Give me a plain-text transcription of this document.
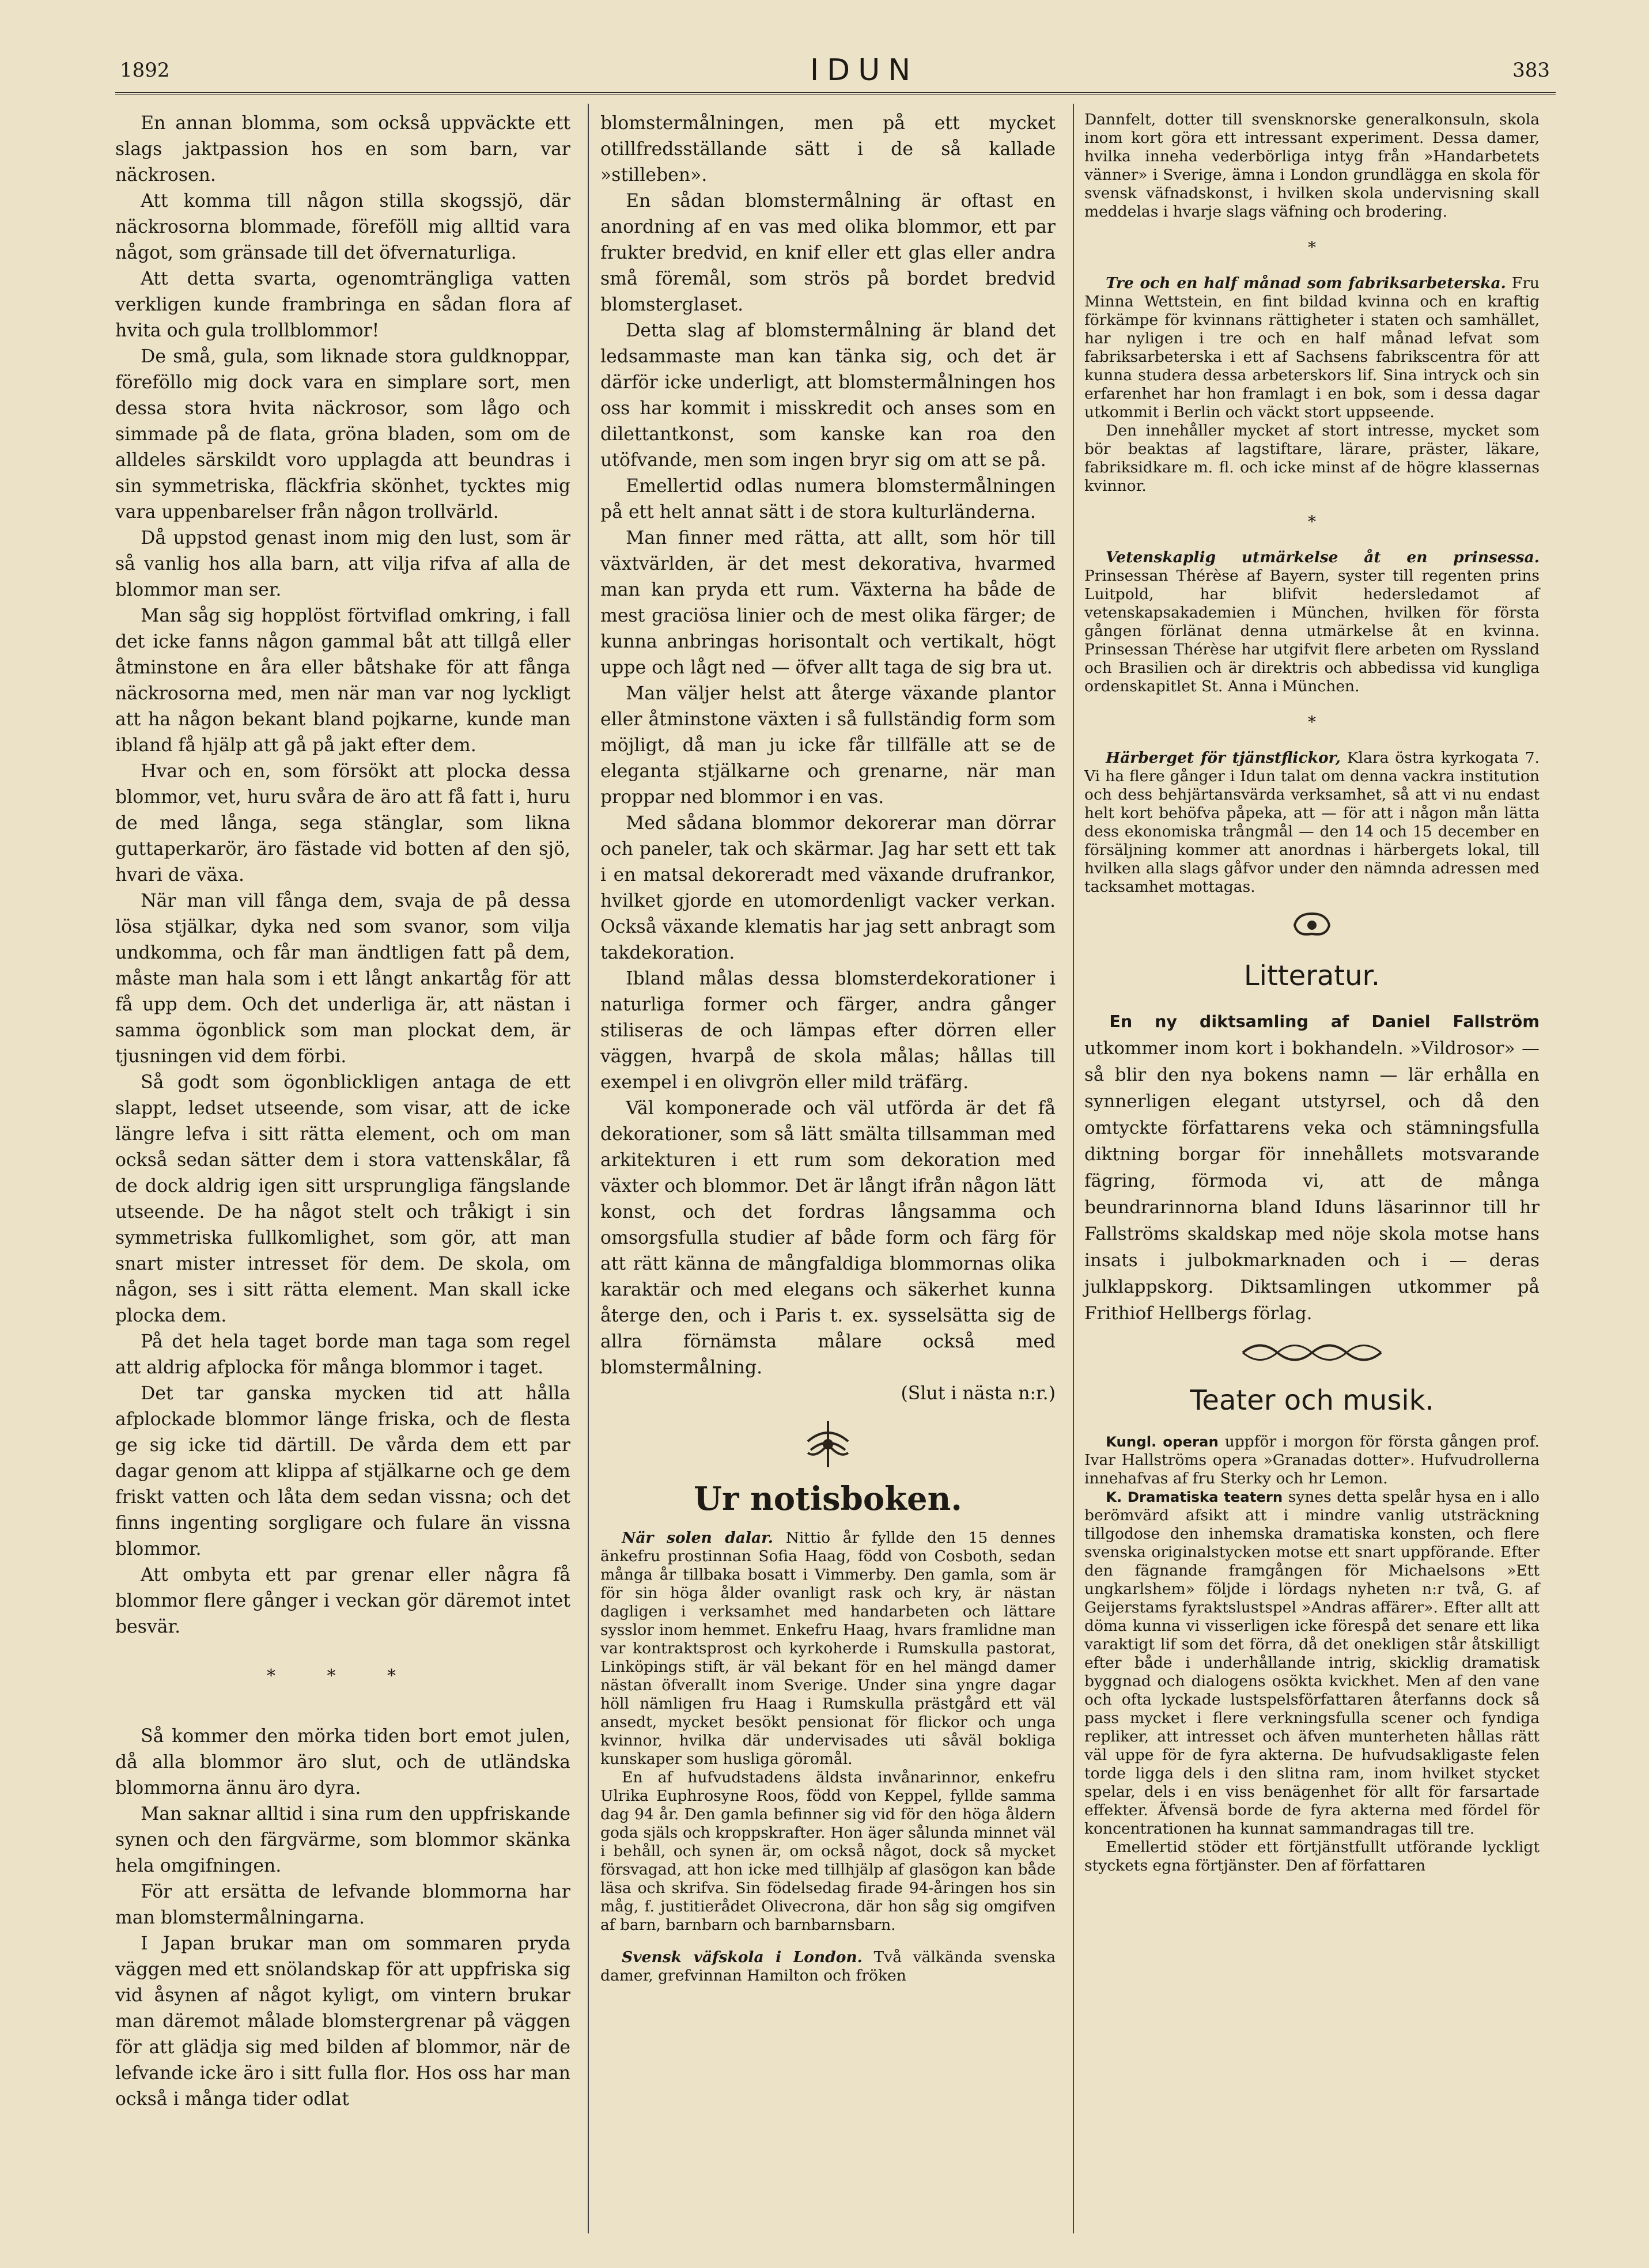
1892	IDUN	383

En annan blomma, som också uppväckte ett slags jaktpassion hos en som barn, var näckrosen.

Att komma till någon stilla skogssjö, där näckrosorna blommade, föreföll mig alltid vara något, som gränsade till det öfvernaturliga.

Att detta svarta, ogenomträngliga vatten verkligen kunde frambringa en sådan flora af hvita och gula trollblommor!

De små, gula, som liknade stora guldknoppar, föreföllo mig dock vara en simplare sort, men dessa stora hvita näckrosor, som lågo och simmade på de flata, gröna bladen, som om de alldeles särskildt voro upplagda att beundras i sin symmetriska, fläckfria skönhet, tycktes mig vara uppenbarelser från någon trollvärld.

Då uppstod genast inom mig den lust, som är så vanlig hos alla barn, att vilja rifva af alla de blommor man ser.

Man såg sig hopplöst förtviflad omkring, i fall det icke fanns någon gammal båt att tillgå eller åtminstone en åra eller båtshake för att fånga näckrosorna med, men när man var nog lyckligt att ha någon bekant bland pojkarne, kunde man ibland få hjälp att gå på jakt efter dem.

Hvar och en, som försökt att plocka dessa blommor, vet, huru svåra de äro att få fatt i, huru de med långa, sega stänglar, som likna guttaperkarör, äro fästade vid botten af den sjö, hvari de växa.

När man vill fånga dem, svaja de på dessa lösa stjälkar, dyka ned som svanor, som vilja undkomma, och får man ändtligen fatt på dem, måste man hala som i ett långt ankartåg för att få upp dem. Och det underliga är, att nästan i samma ögonblick som man plockat dem, är tjusningen vid dem förbi.

Så godt som ögonblickligen antaga de ett slappt, ledset utseende, som visar, att de icke längre lefva i sitt rätta element, och om man också sedan sätter dem i stora vattenskålar, få de dock aldrig igen sitt ursprungliga fängslande utseende. De ha något stelt och tråkigt i sin symmetriska fullkomlighet, som gör, att man snart mister intresset för dem. De skola, om någon, ses i sitt rätta element. Man skall icke plocka dem.

På det hela taget borde man taga som regel att aldrig afplocka för många blommor i taget.

Det tar ganska mycken tid att hålla afplockade blommor länge friska, och de flesta ge sig icke tid därtill. De vårda dem ett par dagar genom att klippa af stjälkarne och ge dem friskt vatten och låta dem sedan vissna; och det finns ingenting sorgligare och fulare än vissna blommor.

Att ombyta ett par grenar eller några få blommor flere gånger i veckan gör däremot intet besvär.

* * *

Så kommer den mörka tiden bort emot julen, då alla blommor äro slut, och de utländska blommorna ännu äro dyra.

Man saknar alltid i sina rum den uppfriskande synen och den färgvärme, som blommor skänka hela omgifningen.

För att ersätta de lefvande blommorna har man blomstermålningarna.

I Japan brukar man om sommaren pryda väggen med ett snölandskap för att uppfriska sig vid åsynen af något kyligt, om vintern brukar man däremot målade blomstergrenar på väggen för att glädja sig med bilden af blommor, när de lefvande icke äro i sitt fulla flor. Hos oss har man också i många tider odlat

blomstermålningen, men på ett mycket otillfredsställande sätt i de så kallade »stilleben».

En sådan blomstermålning är oftast en anordning af en vas med olika blommor, ett par frukter bredvid, en knif eller ett glas eller andra små föremål, som strös på bordet bredvid blomsterglaset.

Detta slag af blomstermålning är bland det ledsammaste man kan tänka sig, och det är därför icke underligt, att blomstermålningen hos oss har kommit i misskredit och anses som en dilettantkonst, som kanske kan roa den utöfvande, men som ingen bryr sig om att se på.

Emellertid odlas numera blomstermålningen på ett helt annat sätt i de stora kulturländerna.

Man finner med rätta, att allt, som hör till växtvärlden, är det mest dekorativa, hvarmed man kan pryda ett rum. Växterna ha både de mest graciösa linier och de mest olika färger; de kunna anbringas horisontalt och vertikalt, högt uppe och lågt ned — öfver allt taga de sig bra ut.

Man väljer helst att återge växande plantor eller åtminstone växten i så fullständig form som möjligt, då man ju icke får tillfälle att se de eleganta stjälkarne och grenarne, när man proppar ned blommor i en vas.

Med sådana blommor dekorerar man dörrar och paneler, tak och skärmar. Jag har sett ett tak i en matsal dekoreradt med växande drufrankor, hvilket gjorde en utomordenligt vacker verkan. Också växande klematis har jag sett anbragt som takdekoration.

Ibland målas dessa blomsterdekorationer i naturliga former och färger, andra gånger stiliseras de och lämpas efter dörren eller väggen, hvarpå de skola målas; hållas till exempel i en olivgrön eller mild träfärg.

Väl komponerade och väl utförda är det få dekorationer, som så lätt smälta tillsamman med arkitekturen i ett rum som dekoration med växter och blommor. Det är långt ifrån någon lätt konst, och det fordras långsamma och omsorgsfulla studier af både form och färg för att rätt känna de mångfaldiga blommornas olika karaktär och med elegans och säkerhet kunna återge den, och i Paris t. ex. sysselsätta sig de allra förnämsta målare också med blomstermålning.

(Slut i nästa n:r.)

Ur notisboken.

När solen dalar. Nittio år fyllde den 15 dennes änkefru prostinnan Sofia Haag, född von Cosboth, sedan många år tillbaka bosatt i Vimmerby. Den gamla, som är för sin höga ålder ovanligt rask och kry, är nästan dagligen i verksamhet med handarbeten och lättare sysslor inom hemmet. Enkefru Haag, hvars framlidne man var kontraktsprost och kyrkoherde i Rumskulla pastorat, Linköpings stift, är väl bekant för en hel mängd damer nästan öfverallt inom Sverige. Under sina yngre dagar höll nämligen fru Haag i Rumskulla prästgård ett väl ansedt, mycket besökt pensionat för flickor och unga kvinnor, hvilka där undervisades uti såväl bokliga kunskaper som husliga göromål.

En af hufvudstadens äldsta invånarinnor, enkefru Ulrika Euphrosyne Roos, född von Keppel, fyllde samma dag 94 år. Den gamla befinner sig vid för den höga åldern goda själs och kroppskrafter. Hon äger sålunda minnet väl i behåll, och synen är, om också något, dock så mycket försvagad, att hon icke med tillhjälp af glasögon kan både läsa och skrifva. Sin födelsedag firade 94-åringen hos sin måg, f. justitierådet Olivecrona, där hon såg sig omgifven af barn, barnbarn och barnbarnsbarn.

Svensk väfskola i London. Två välkända svenska damer, grefvinnan Hamilton och fröken

Dannfelt, dotter till svensknorske generalkonsuln, skola inom kort göra ett intressant experiment. Dessa damer, hvilka inneha vederbörliga intyg från »Handarbetets vänner» i Sverige, ämna i London grundlägga en skola för svensk väfnadskonst, i hvilken skola undervisning skall meddelas i hvarje slags väfning och brodering.

*

Tre och en half månad som fabriksarbeterska. Fru Minna Wettstein, en fint bildad kvinna och en kraftig förkämpe för kvinnans rättigheter i staten och samhället, har nyligen i tre och en half månad lefvat som fabriksarbeterska i ett af Sachsens fabrikscentra för att kunna studera dessa arbeterskors lif. Sina intryck och sin erfarenhet har hon framlagt i en bok, som i dessa dagar utkommit i Berlin och väckt stort uppseende.

Den innehåller mycket af stort intresse, mycket som bör beaktas af lagstiftare, lärare, präster, läkare, fabriksidkare m. fl. och icke minst af de högre klassernas kvinnor.

*

Vetenskaplig utmärkelse åt en prinsessa. Prinsessan Thérèse af Bayern, syster till regenten prins Luitpold, har blifvit hedersledamot af vetenskapsakademien i München, hvilken för första gången förlänat denna utmärkelse åt en kvinna. Prinsessan Thérèse har utgifvit flere arbeten om Ryssland och Brasilien och är direktris och abbedissa vid kungliga ordenskapitlet St. Anna i München.

*

Härberget för tjänstflickor, Klara östra kyrkogata 7. Vi ha flere gånger i Idun talat om denna vackra institution och dess behjärtansvärda verksamhet, så att vi nu endast helt kort behöfva påpeka, att — för att i någon mån lätta dess ekonomiska trångmål — den 14 och 15 december en försäljning kommer att anordnas i härbergets lokal, till hvilken alla slags gåfvor under den nämnda adressen med tacksamhet mottagas.

Litteratur.

En ny diktsamling af Daniel Fallström utkommer inom kort i bokhandeln. »Vildrosor» — så blir den nya bokens namn — lär erhålla en synnerligen elegant utstyrsel, och då den omtyckte författarens veka och stämningsfulla diktning borgar för innehållets motsvarande fägring, förmoda vi, att de många beundrarinnorna bland Iduns läsarinnor till hr Fallströms skaldskap med nöje skola motse hans insats i julbokmarknaden och i — deras julklappskorg. Diktsamlingen utkommer på Frithiof Hellbergs förlag.

Teater och musik.

Kungl. operan uppför i morgon för första gången prof. Ivar Hallströms opera »Granadas dotter». Hufvudrollerna innehafvas af fru Sterky och hr Lemon.

K. Dramatiska teatern synes detta spelår hysa en i allo berömvärd afsikt att i mindre vanlig utsträckning tillgodose den inhemska dramatiska konsten, och flere svenska originalstycken motse ett snart uppförande. Efter den fägnande framgången för Michaelsons »Ett ungkarlshem» följde i lördags nyheten n:r två, G. af Geijerstams fyraktslustspel »Andras affärer». Efter allt att döma kunna vi visserligen icke förespå det senare ett lika varaktigt lif som det förra, då det onekligen står åtskilligt efter både i underhållande intrig, skicklig dramatisk byggnad och dialogens osökta kvickhet. Men af den vane och ofta lyckade lustspelsförfattaren återfanns dock så pass mycket i flere verkningsfulla scener och fyndiga repliker, att intresset och äfven munterheten hållas rätt väl uppe för de fyra akterna. De hufvudsakligaste felen torde ligga dels i den slitna ram, inom hvilket stycket spelar, dels i en viss benägenhet för allt för farsartade effekter. Äfvensä borde de fyra akterna med fördel för koncentrationen ha kunnat sammandragas till tre.

Emellertid stöder ett förtjänstfullt utförande lyckligt styckets egna förtjänster. Den af författaren
